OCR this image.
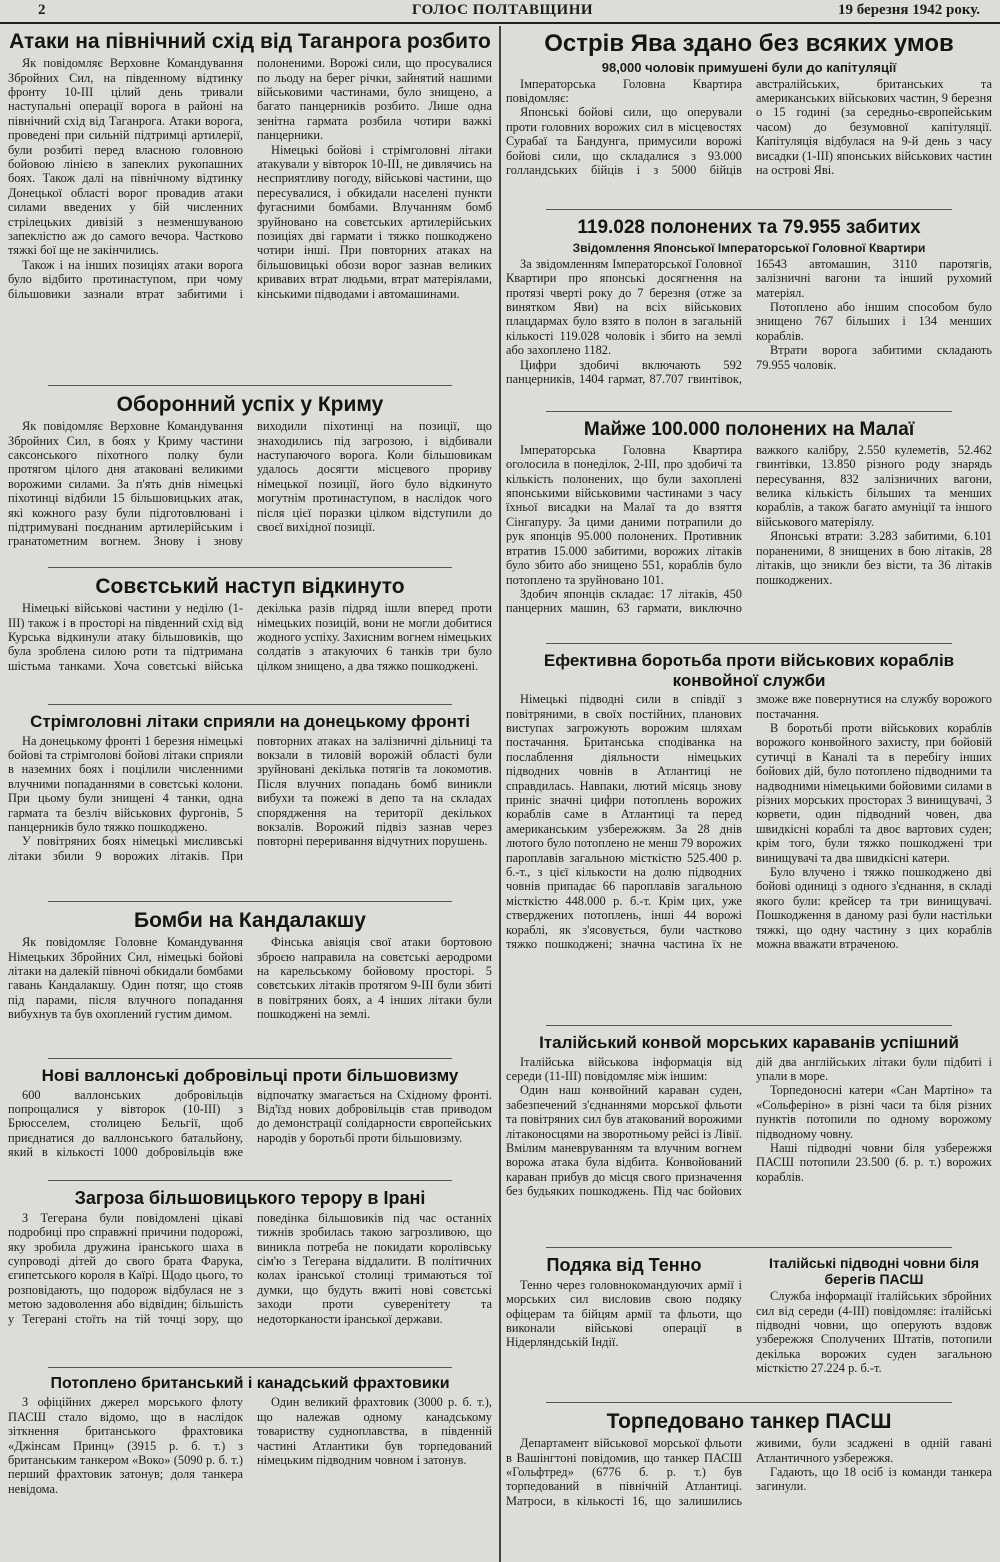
2	ГОЛОС ПОЛТАВЩИНИ	19 березня 1942 року.
Атаки на північний схід від Таганрога розбито

Як повідомляє Верховне Командування Збройних Сил, на південному відтинку фронту 10-III цілий день тривали наступальні операції ворога в районі на північний схід від Таганрога. Атаки ворога, проведені при сильній підтримці артилерії, були розбиті перед власною головною бойовою лінією в запеклих рукопашних боях. Також далі на північному відтинку Донецької області ворог провадив атаки силами введених у бій численних стрілецьких дивізій з незменшуваною запеклістю аж до самого вечора. Частково тяжкі бої ще не закінчились.

Також і на інших позиціях атаки ворога було відбито протинаступом, при чому більшовики зазнали втрат забитими і полоненими. Ворожі сили, що просувалися по льоду на берег річки, зайнятий нашими військовими частинами, було знищено, а багато панцерників розбито. Лише одна зенітна гармата розбила чотири важкі панцерники.

Німецькі бойові і стрімголовні літаки атакували у вівторок 10-III, не дивлячись на несприятливу погоду, військові частини, що пересувалися, і обкидали населені пункти фугасними бомбами. Влучанням бомб зруйновано на совєтських артилерійських позиціях дві гармати і тяжко пошкоджено чотири інші. При повторних атаках на більшовицькі обози ворог зазнав великих кривавих втрат людьми, втрат матеріялами, кінськими підводами і автомашинами.

Оборонний успіх у Криму

Як повідомляє Верховне Командування Збройних Сил, в боях у Криму частини саксонського піхотного полку були протягом цілого дня атаковані великими ворожими силами. За п'ять днів німецькі піхотинці відбили 15 більшовицьких атак, які кожного разу були підготовлювані і підтримувані поєднаним артилерійським і гранатометним вогнем. Знову і знову виходили піхотинці на позиції, що знаходились під загрозою, і відбивали наступаючого ворога. Коли більшовикам удалось досягти місцевого прориву німецької позиції, його було відкинуто могутнім протинаступом, в наслідок чого після цієї поразки цілком відступили до своєї вихідної позиції.

Совєтський наступ відкинуто

Німецькі військові частини у неділю (1-III) також і в просторі на південний схід від Курська відкинули атаку більшовиків, що була зроблена силою роти та підтримана шістьма танками. Хоча совєтські війська декілька разів підряд ішли вперед проти німецьких позицій, вони не могли добитися жодного успіху. Захисним вогнем німецьких солдатів з атакуючих 6 танків три було цілком знищено, а два тяжко пошкоджені.

Стрімголовні літаки сприяли на донецькому фронті

На донецькому фронті 1 березня німецькі бойові та стрімголові бойові літаки сприяли в наземних боях і поцілили численними влучними попаданнями в совєтські колони. При цьому були знищені 4 танки, одна гармата та безліч військових фургонів, 5 панцерників було тяжко пошкоджено.

У повітряних боях німецькі мисливські літаки збили 9 ворожих літаків. При повторних атаках на залізничні дільниці та вокзали в тиловій ворожій області були зруйновані декілька потягів та локомотив. Після влучних попадань бомб виникли вибухи та пожежі в депо та на складах спорядження на території декількох вокзалів. Ворожий підвіз зазнав через повторні переривання відчутних порушень.

Бомби на Кандалакшу

Як повідомляє Головне Командування Німецьких Збройних Сил, німецькі бойові літаки на далекій півночі обкидали бомбами гавань Кандалакшу. Один потяг, що стояв під парами, після влучного попадання вибухнув та був охоплений густим димом.

Фінська авіяція свої атаки бортовою зброєю направила на совєтські аеродроми на карельському бойовому просторі. 5 совєтських літаків протягом 9-III були збиті в повітряних боях, а 4 інших літаки були пошкоджені на землі.

Нові валлонські добровільці проти більшовизму

600 валлонських добровільців попрощалися у вівторок (10-III) з Брюсселем, столицею Бельгії, щоб приєднатися до валлонського батальйону, який в кількості 1000 добровільців вже відпочатку змагається на Східному фронті. Від'їзд нових добровільців став приводом до демонстрації солідарности європейських народів у боротьбі проти більшовизму.

Загроза більшовицького терору в Ірані

З Тегерана були повідомлені цікаві подробиці про справжні причини подорожі, яку зробила дружина іранського шаха в супроводі дітей до свого брата Фарука, єгипетського короля в Каїрі. Щодо цього, то розповідають, що подорож відбулася не з метою задоволення або відвідин; більшість у Тегерані стоїть на тій точці зору, що поведінка більшовиків під час останніх тижнів зробилась такою загрозливою, що виникла потреба не покидати королівську сім'ю з Тегерана віддалити. В політичних колах іранської столиці тримаються тої думки, що будуть вжиті нові совєтські заходи проти суверенітету та недоторканости іранської держави.

Потоплено британський і канадський фрахтовики

З офіційних джерел морського флоту ПАСШ стало відомо, що в наслідок зіткнення британського фрахтовика «Джінсам Принц» (3915 р. б. т.) з британським танкером «Воко» (5090 р. б. т.) перший фрахтовик затонув; доля танкера невідома.

Один великий фрахтовик (3000 р. б. т.), що належав одному канадському товариству судноплавства, в південній частині Атлантики був торпедований німецьким підводним човном і затонув.

Острів Ява здано без всяких умов
98,000 чоловік примушені були до капітуляції

Імператорська Головна Квартира повідомляє:

Японські бойові сили, що оперували проти головних ворожих сил в місцевостях Сурабаї та Бандунга, примусили ворожі бойові сили, що складалися з 93.000 голландських бійців і з 5000 бійців австралійських, британських та американських військових частин, 9 березня о 15 годині (за середньо-європейським часом) до безумовної капітуляції. Капітуляція відбулася на 9-й день з часу висадки (1-III) японських військових частин на острові Яві.

119.028 полонених та 79.955 забитих
Звідомлення Японської Імператорської Головної Квартири

За звідомленням Імператорської Головної Квартири про японські досягнення на протязі чверті року до 7 березня (отже за винятком Яви) на всіх військових плацдармах було взято в полон в загальній кількості 119.028 чоловік і збито на землі або захоплено 1182.

Цифри здобичі включають 592 панцерників, 1404 гармат, 87.707 гвинтівок, 16543 автомашин, 3110 паротягів, залізничні вагони та інший рухомий матеріял.

Потоплено або іншим способом було знищено 767 більших і 134 менших кораблів.

Втрати ворога забитими складають 79.955 чоловік.

Майже 100.000 полонених на Малаї

Імператорська Головна Квартира оголосила в понеділок, 2-III, про здобичі та кількість полонених, що були захоплені японськими військовими частинами з часу їхньої висадки на Малаї та до взяття Сінгапуру. За цими даними потрапили до рук японців 95.000 полонених. Противник втратив 15.000 забитими, ворожих літаків було збито або знищено 551, кораблів було потоплено та зруйновано 101.

Здобич японців складає: 17 літаків, 450 панцерних машин, 63 гармати, виключно важкого калібру, 2.550 кулеметів, 52.462 гвинтівки, 13.850 різного роду знарядь пересування, 832 залізничних вагони, велика кількість більших та менших кораблів, а також багато амуніції та іншого військового матеріялу.

Японські втрати: 3.283 забитими, 6.101 пораненими, 8 знищених в бою літаків, 28 літаків, що зникли без вісти, та 36 літаків пошкоджених.

Ефективна боротьба проти військових кораблів конвойної служби

Німецькі підводні сили в співдії з повітряними, в своїх постійних, планових виступах загрожують ворожим шляхам постачання. Британська сподіванка на послаблення діяльности німецьких підводних човнів в Атлантиці не справдилась. Навпаки, лютий місяць знову приніс значні цифри потоплень ворожих кораблів саме в Атлантиці та перед американським узбережжям. За 28 днів лютого було потоплено не менш 79 ворожих пароплавів загальною місткістю 525.400 р. б.-т., з цієї кількости на долю підводних човнів припадає 66 пароплавів загальною місткістю 448.000 р. б.-т. Крім цих, уже стверджених потоплень, інші 44 ворожі кораблі, як з'ясовується, були частково тяжко пошкоджені; значна частина їх не зможе вже повернутися на службу ворожого постачання.

В боротьбі проти військових кораблів ворожого конвойного захисту, при бойовій сутичці в Каналі та в перебігу інших бойових дій, було потоплено підводними та надводними німецькими бойовими силами в різних морських просторах 3 винищувачі, 3 корвети, один підводний човен, два швидкісні кораблі та двоє вартових суден; крім того, були тяжко пошкоджені три винищувачі та два швидкісні катери.

Було влучено і тяжко пошкоджено дві бойові одиниці з одного з'єднання, в складі якого були: крейсер та три винищувачі. Пошкодження в даному разі були настільки тяжкі, що одну частину з цих кораблів можна вважати втраченою.

Італійський конвой морських караванів успішний

Італійська військова інформація від середи (11-III) повідомляє між іншим:

Один наш конвойний караван суден, забезпечений з'єднаннями морської фльоти та повітряних сил був атакований ворожими літаконосцями на зворотньому рейсі із Лівії. Вмілим маневруванням та влучним вогнем ворожа атака була відбита. Конвойований караван прибув до місця свого призначення без будьяких пошкоджень. Під час бойових дій два англійських літаки були підбиті і упали в море.

Торпедоносні катери «Сан Мартіно» та «Сольферіно» в різні часи та біля різних пунктів потопили по одному ворожому підводному човну.

Наші підводні човни біля узбережжя ПАСШ потопили 23.500 (б. р. т.) ворожих кораблів.

Подяка від Тенно

Тенно через головнокомандуючих армії і морських сил висловив свою подяку офіцерам та бійцям армії та фльоти, що виконали військові операції в Нідерляндській Індії.

Італійські підводні човни біля берегів ПАСШ

Служба інформації італійських збройних сил від середи (4-III) повідомляє: італійські підводні човни, що оперують вздовж узбережжя Сполучених Штатів, потопили декілька ворожих суден загальною місткістю 27.224 р. б.-т.

Торпедовано танкер ПАСШ

Департамент військової морської фльоти в Вашінгтоні повідомив, що танкер ПАСШ «Гольфтред» (6776 б. р. т.) був торпедований в північній Атлантиці. Матроси, в кількості 16, що залишились живими, були зсаджені в одній гавані Атлантичного узбережжя.

Гадають, що 18 осіб із команди танкера загинули.
